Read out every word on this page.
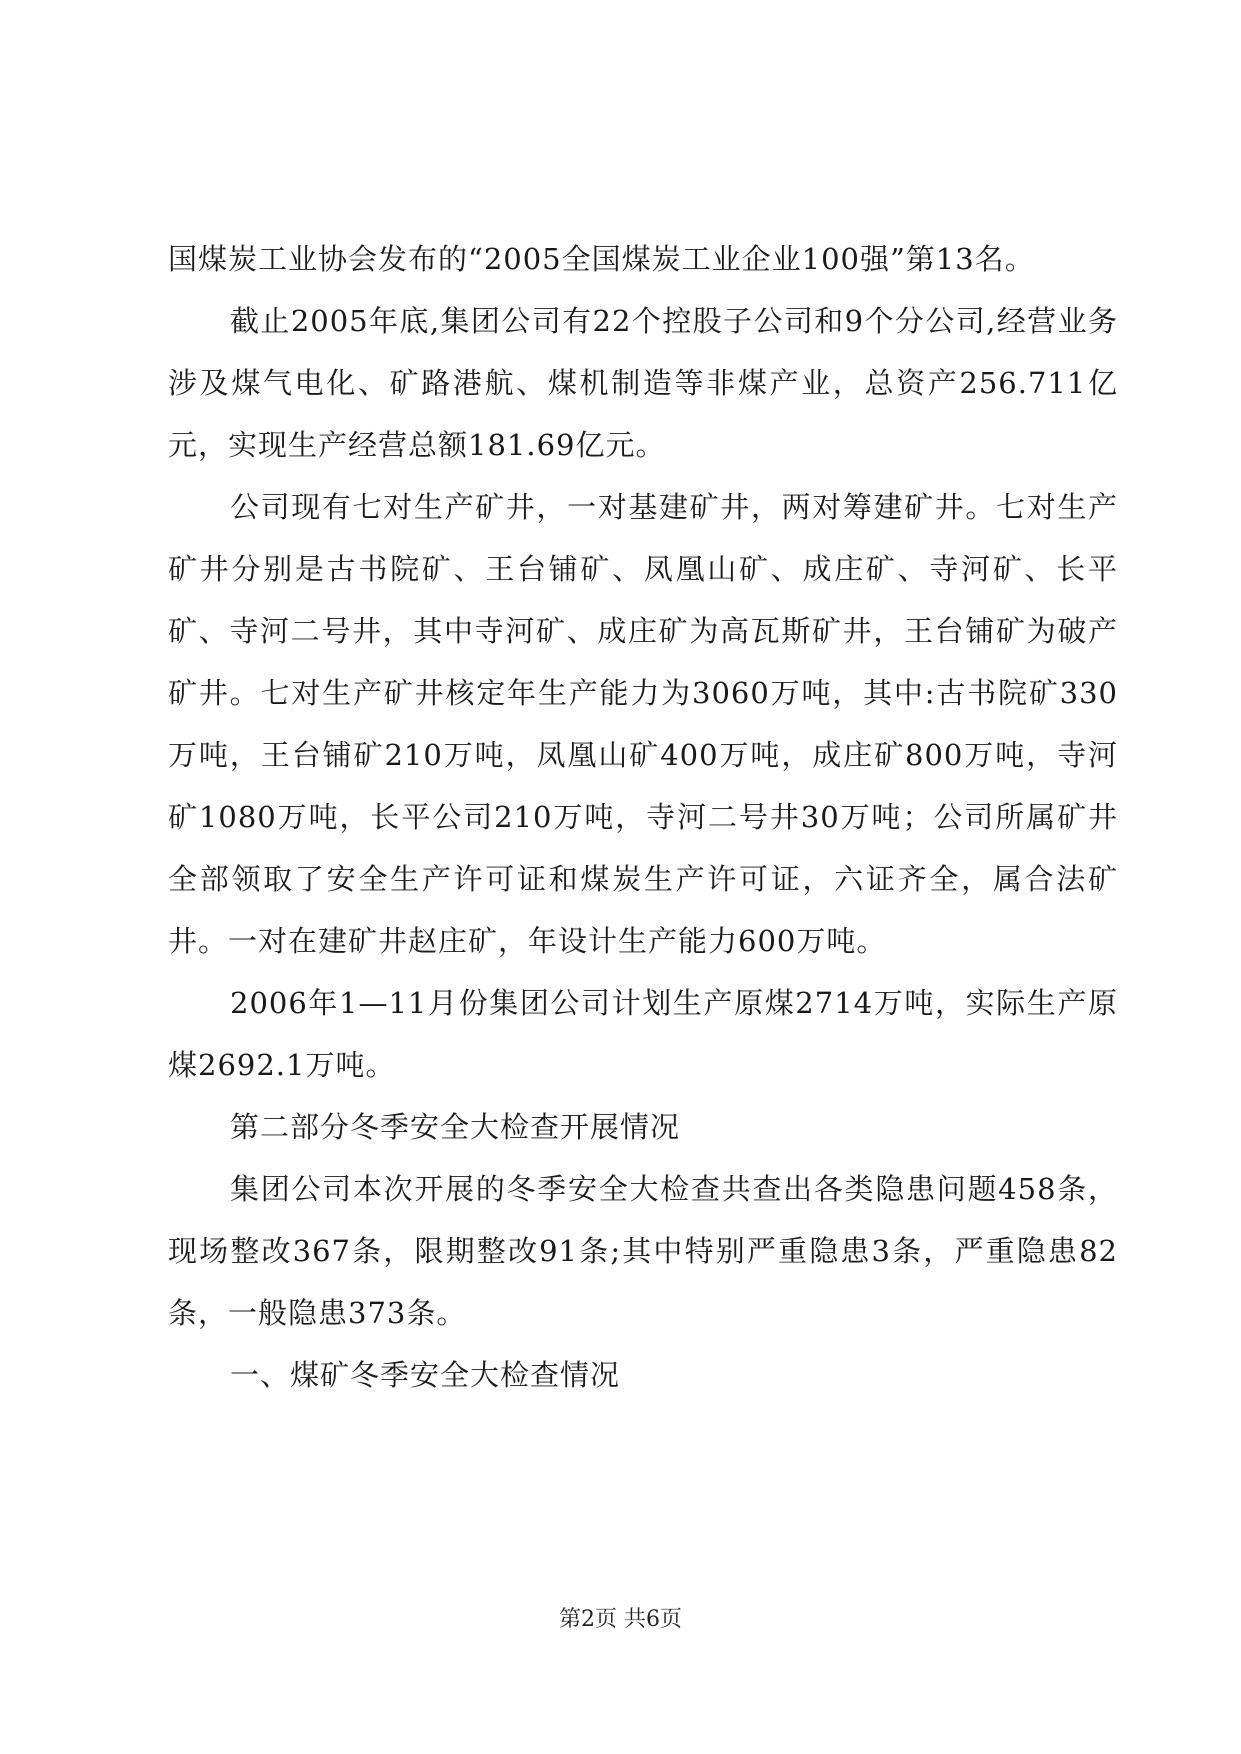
国煤炭工业协会发布的“2005全国煤炭工业企业100强”第13名。

截止2005年底,集团公司有22个控股子公司和9个分公司,经营业务涉及煤气电化、矿路港航、煤机制造等非煤产业，总资产256.711亿元，实现生产经营总额181.69亿元。

公司现有七对生产矿井，一对基建矿井，两对筹建矿井。七对生产矿井分别是古书院矿、王台铺矿、凤凰山矿、成庄矿、寺河矿、长平矿、寺河二号井，其中寺河矿、成庄矿为高瓦斯矿井，王台铺矿为破产矿井。七对生产矿井核定年生产能力为3060万吨，其中:古书院矿330万吨，王台铺矿210万吨，凤凰山矿400万吨，成庄矿800万吨，寺河矿1080万吨，长平公司210万吨，寺河二号井30万吨；公司所属矿井全部领取了安全生产许可证和煤炭生产许可证，六证齐全，属合法矿井。一对在建矿井赵庄矿，年设计生产能力600万吨。

2006年1—11月份集团公司计划生产原煤2714万吨，实际生产原煤2692.1万吨。

第二部分冬季安全大检查开展情况

集团公司本次开展的冬季安全大检查共查出各类隐患问题458条，现场整改367条，限期整改91条;其中特别严重隐患3条，严重隐患82条，一般隐患373条。

一、煤矿冬季安全大检查情况

第2页 共6页
